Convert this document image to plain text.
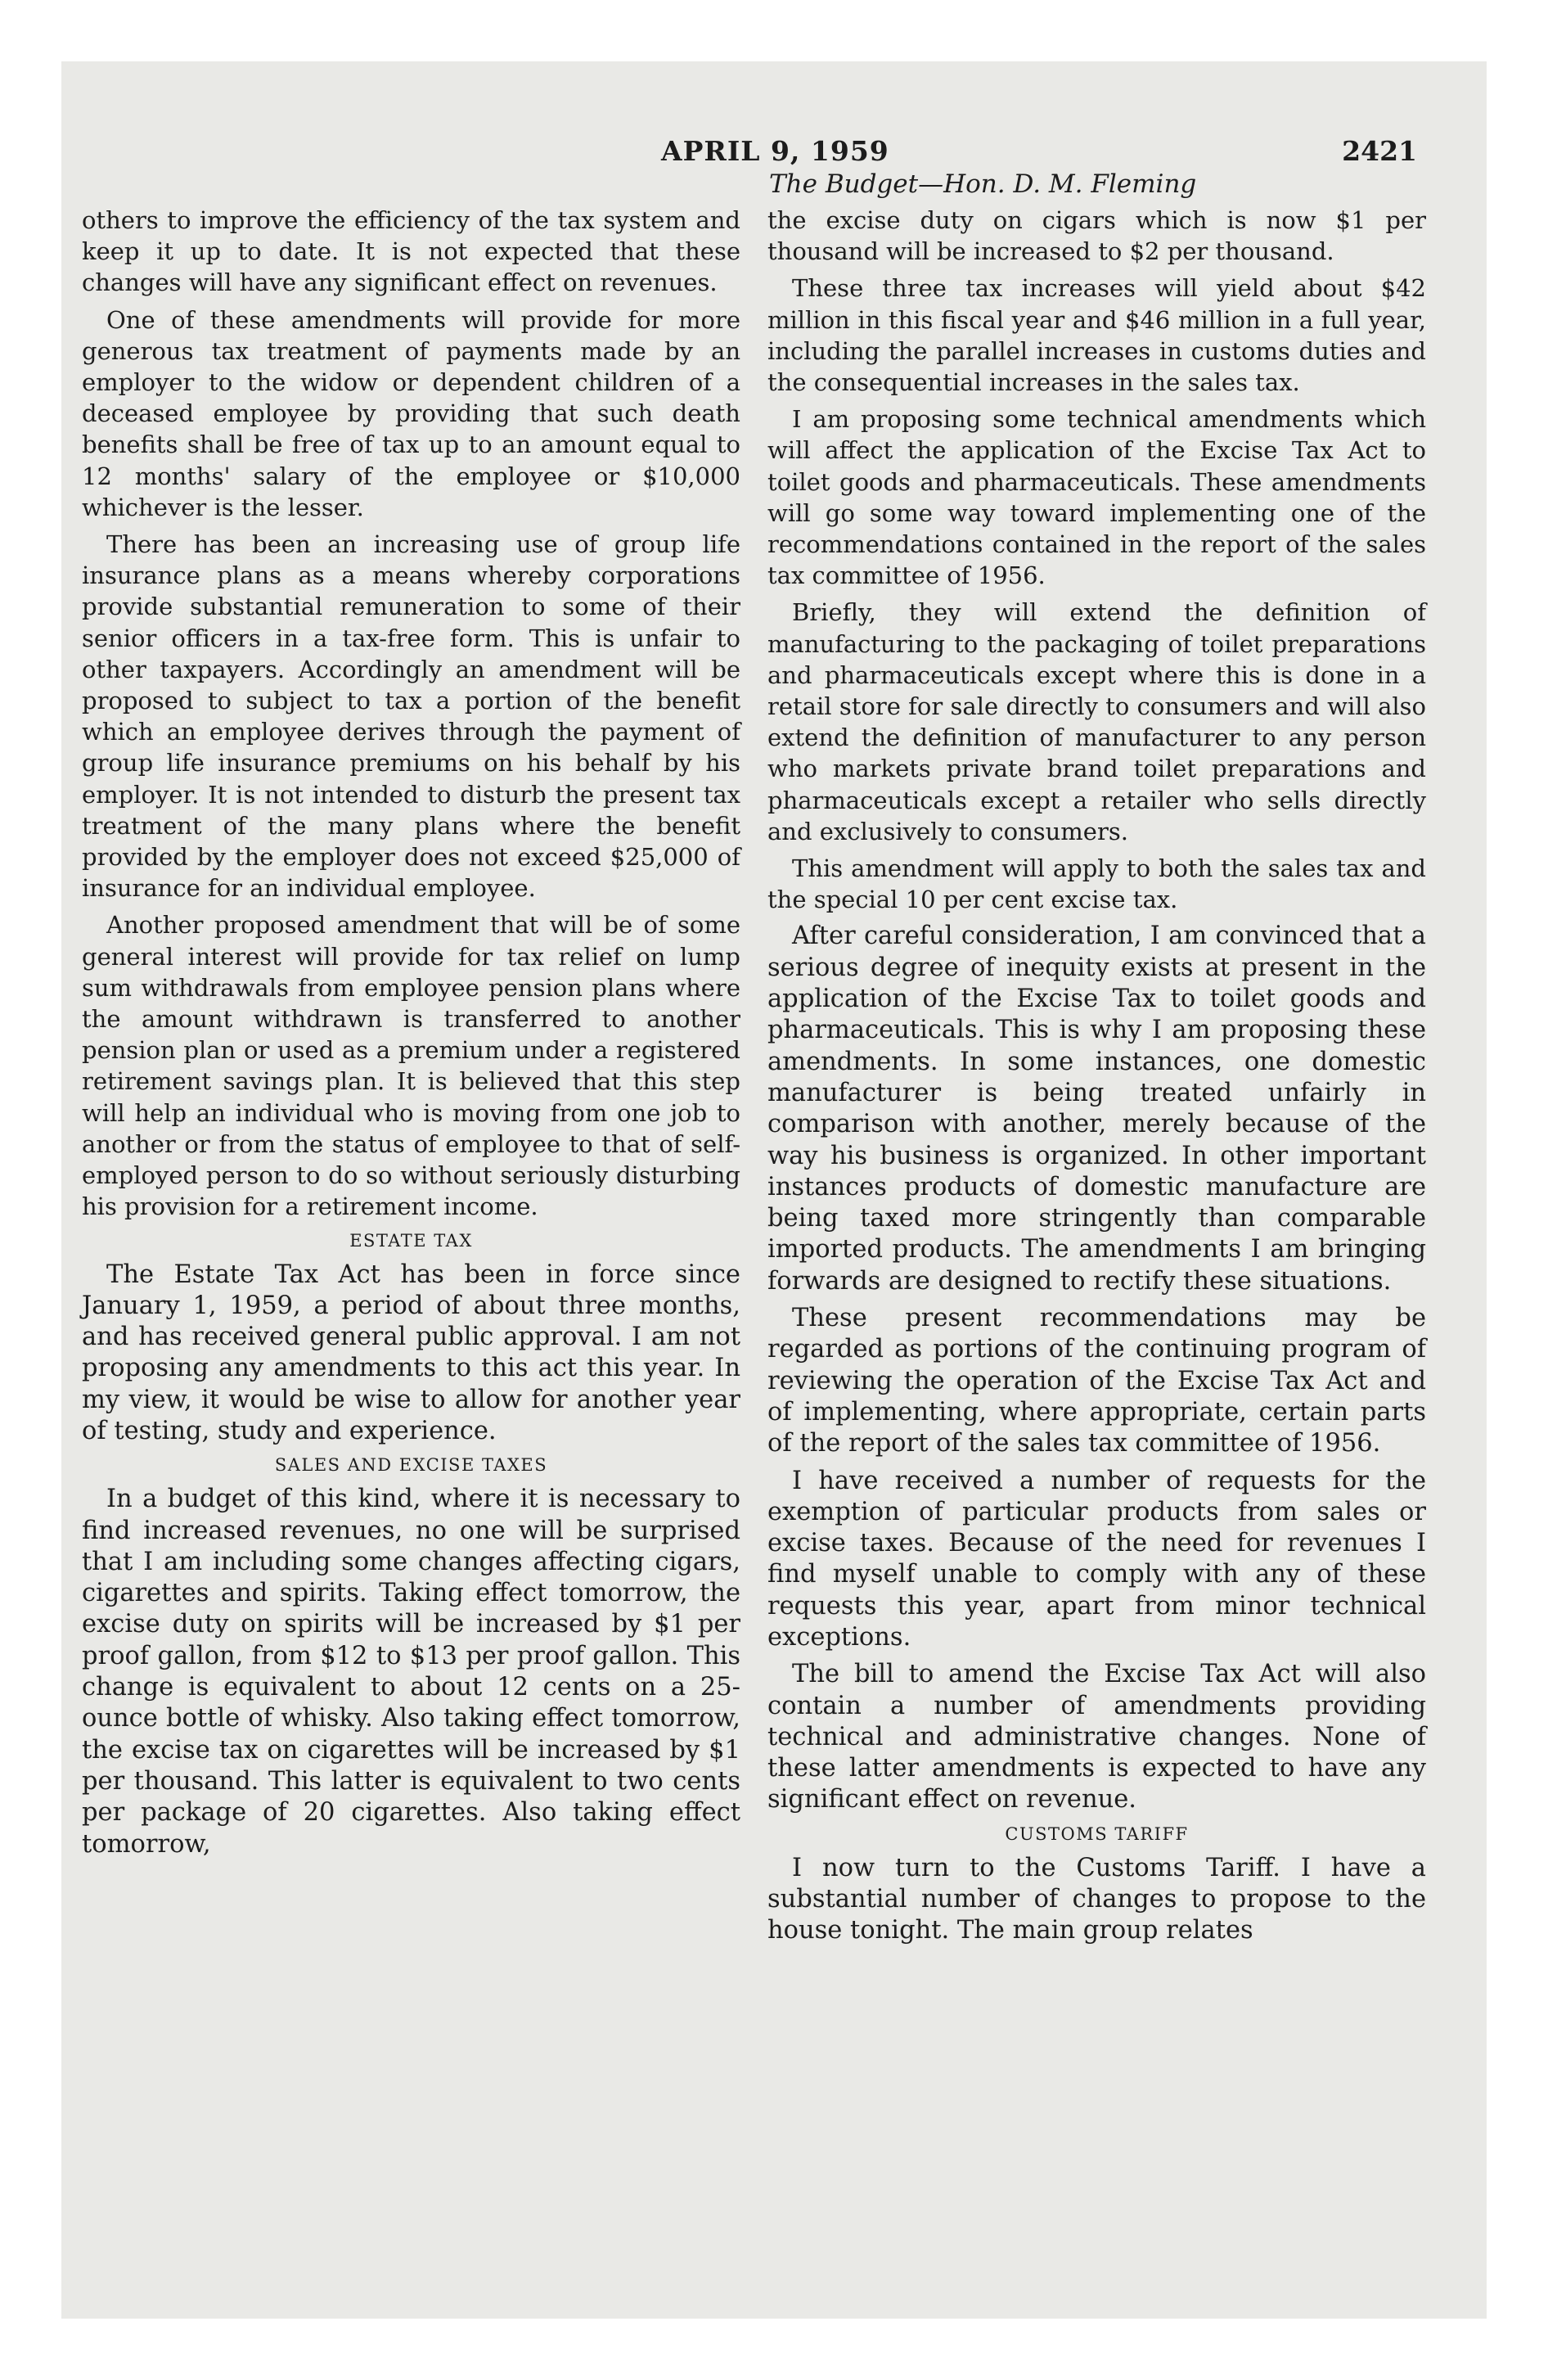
APRIL 9, 1959	2421
The Budget—Hon. D. M. Fleming

others to improve the efficiency of the tax system and keep it up to date. It is not expected that these changes will have any significant effect on revenues.

One of these amendments will provide for more generous tax treatment of payments made by an employer to the widow or dependent children of a deceased employee by providing that such death benefits shall be free of tax up to an amount equal to 12 months' salary of the employee or $10,000 whichever is the lesser.

There has been an increasing use of group life insurance plans as a means whereby corporations provide substantial remuneration to some of their senior officers in a tax-free form. This is unfair to other taxpayers. Accordingly an amendment will be proposed to subject to tax a portion of the benefit which an employee derives through the payment of group life insurance premiums on his behalf by his employer. It is not intended to disturb the present tax treatment of the many plans where the benefit provided by the employer does not exceed $25,000 of insurance for an individual employee.

Another proposed amendment that will be of some general interest will provide for tax relief on lump sum withdrawals from employee pension plans where the amount withdrawn is transferred to another pension plan or used as a premium under a registered retirement savings plan. It is believed that this step will help an individual who is moving from one job to another or from the status of employee to that of self-employed person to do so without seriously disturbing his provision for a retirement income.

ESTATE TAX

The Estate Tax Act has been in force since January 1, 1959, a period of about three months, and has received general public approval. I am not proposing any amendments to this act this year. In my view, it would be wise to allow for another year of testing, study and experience.

SALES AND EXCISE TAXES

In a budget of this kind, where it is necessary to find increased revenues, no one will be surprised that I am including some changes affecting cigars, cigarettes and spirits. Taking effect tomorrow, the excise duty on spirits will be increased by $1 per proof gallon, from $12 to $13 per proof gallon. This change is equivalent to about 12 cents on a 25-ounce bottle of whisky. Also taking effect tomorrow, the excise tax on cigarettes will be increased by $1 per thousand. This latter is equivalent to two cents per package of 20 cigarettes. Also taking effect tomorrow,

the excise duty on cigars which is now $1 per thousand will be increased to $2 per thousand.

These three tax increases will yield about $42 million in this fiscal year and $46 million in a full year, including the parallel increases in customs duties and the consequential increases in the sales tax.

I am proposing some technical amendments which will affect the application of the Excise Tax Act to toilet goods and pharmaceuticals. These amendments will go some way toward implementing one of the recommendations contained in the report of the sales tax committee of 1956.

Briefly, they will extend the definition of manufacturing to the packaging of toilet preparations and pharmaceuticals except where this is done in a retail store for sale directly to consumers and will also extend the definition of manufacturer to any person who markets private brand toilet preparations and pharmaceuticals except a retailer who sells directly and exclusively to consumers.

This amendment will apply to both the sales tax and the special 10 per cent excise tax.

After careful consideration, I am convinced that a serious degree of inequity exists at present in the application of the Excise Tax to toilet goods and pharmaceuticals. This is why I am proposing these amendments. In some instances, one domestic manufacturer is being treated unfairly in comparison with another, merely because of the way his business is organized. In other important instances products of domestic manufacture are being taxed more stringently than comparable imported products. The amendments I am bringing forwards are designed to rectify these situations.

These present recommendations may be regarded as portions of the continuing program of reviewing the operation of the Excise Tax Act and of implementing, where appropriate, certain parts of the report of the sales tax committee of 1956.

I have received a number of requests for the exemption of particular products from sales or excise taxes. Because of the need for revenues I find myself unable to comply with any of these requests this year, apart from minor technical exceptions.

The bill to amend the Excise Tax Act will also contain a number of amendments providing technical and administrative changes. None of these latter amendments is expected to have any significant effect on revenue.

CUSTOMS TARIFF

I now turn to the Customs Tariff. I have a substantial number of changes to propose to the house tonight. The main group relates
